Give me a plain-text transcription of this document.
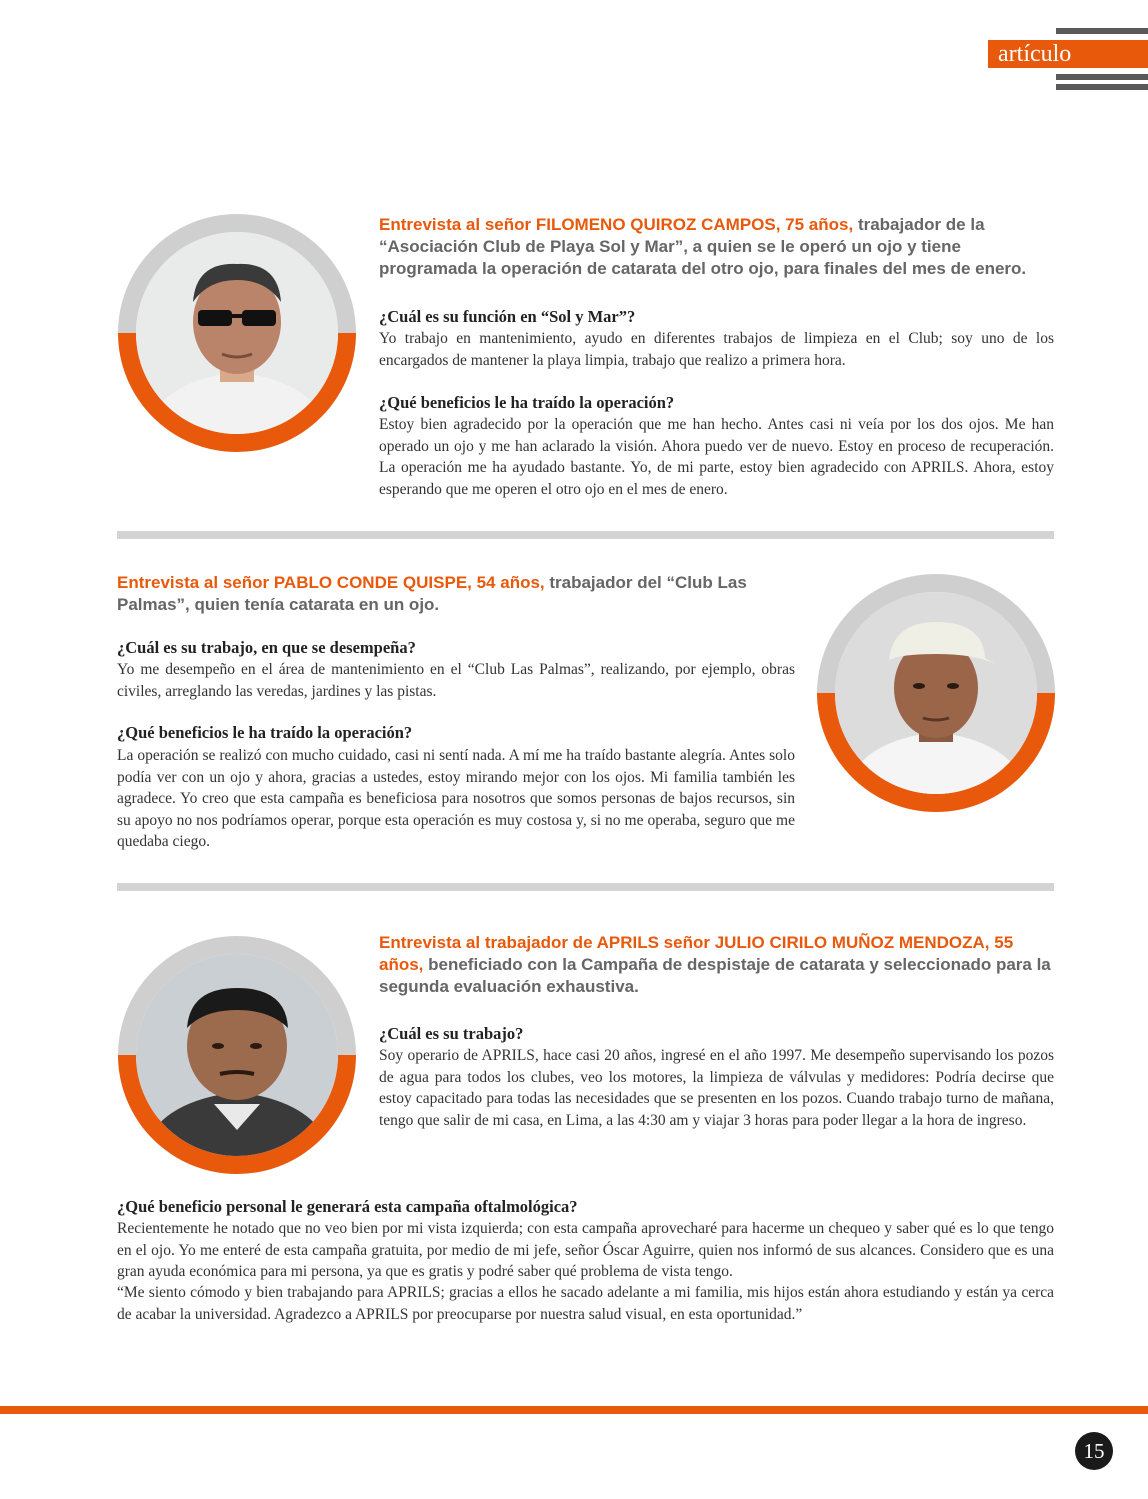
artículo
Entrevista al señor FILOMENO QUIROZ CAMPOS, 75 años, trabajador de la “Asociación Club de Playa Sol y Mar”, a quien se le operó un ojo y tiene programada la operación de catarata del otro ojo, para finales del mes de enero.
¿Cuál es su función en “Sol y Mar”?

Yo trabajo en mantenimiento, ayudo en diferentes trabajos de limpieza en el Club; soy uno de los encargados de mantener la playa limpia, trabajo que realizo a primera hora.

¿Qué beneficios le ha traído la operación?

Estoy bien agradecido por la operación que me han hecho. Antes casi ni veía por los dos ojos. Me han operado un ojo y me han aclarado la visión. Ahora puedo ver de nuevo. Estoy en proceso de recuperación. La operación me ha ayudado bastante. Yo, de mi parte, estoy bien agradecido con APRILS. Ahora, estoy esperando que me operen el otro ojo en el mes de enero.

Entrevista al señor PABLO CONDE QUISPE, 54 años, trabajador del “Club Las Palmas”, quien tenía catarata en un ojo.
¿Cuál es su trabajo, en que se desempeña?

Yo me desempeño en el área de mantenimiento en el “Club Las Palmas”, realizando, por ejemplo, obras civiles, arreglando las veredas, jardines y las pistas.

¿Qué beneficios le ha traído la operación?

La operación se realizó con mucho cuidado, casi ni sentí nada. A mí me ha traído bastante alegría. Antes solo podía ver con un ojo y ahora, gracias a ustedes, estoy mirando mejor con los ojos. Mi familia también les agradece. Yo creo que esta campaña es beneficiosa para nosotros que somos personas de bajos recursos, sin su apoyo no nos podríamos operar, porque esta operación es muy costosa y, si no me operaba, seguro que me quedaba ciego.

Entrevista al trabajador de APRILS señor JULIO CIRILO MUÑOZ MENDOZA, 55 años, beneficiado con la Campaña de despistaje de catarata y seleccionado para la segunda evaluación exhaustiva.
¿Cuál es su trabajo?

Soy operario de APRILS, hace casi 20 años, ingresé en el año 1997. Me desempeño supervisando los pozos de agua para todos los clubes, veo los motores, la limpieza de válvulas y medidores: Podría decirse que estoy capacitado para todas las necesidades que se presenten en los pozos. Cuando trabajo turno de mañana, tengo que salir de mi casa, en Lima, a las 4:30 am y viajar 3 horas para poder llegar a la hora de ingreso.

¿Qué beneficio personal le generará esta campaña oftalmológica?

Recientemente he notado que no veo bien por mi vista izquierda; con esta campaña aprovecharé para hacerme un chequeo y saber qué es lo que tengo en el ojo. Yo me enteré de esta campaña gratuita, por medio de mi jefe, señor Óscar Aguirre, quien nos informó de sus alcances. Considero que es una gran ayuda económica para mi persona, ya que es gratis y podré saber qué problema de vista tengo.

“Me siento cómodo y bien trabajando para APRILS; gracias a ellos he sacado adelante a mi familia, mis hijos están ahora estudiando y están ya cerca de acabar la universidad. Agradezco a APRILS por preocuparse por nuestra salud visual, en esta oportunidad.”

15
